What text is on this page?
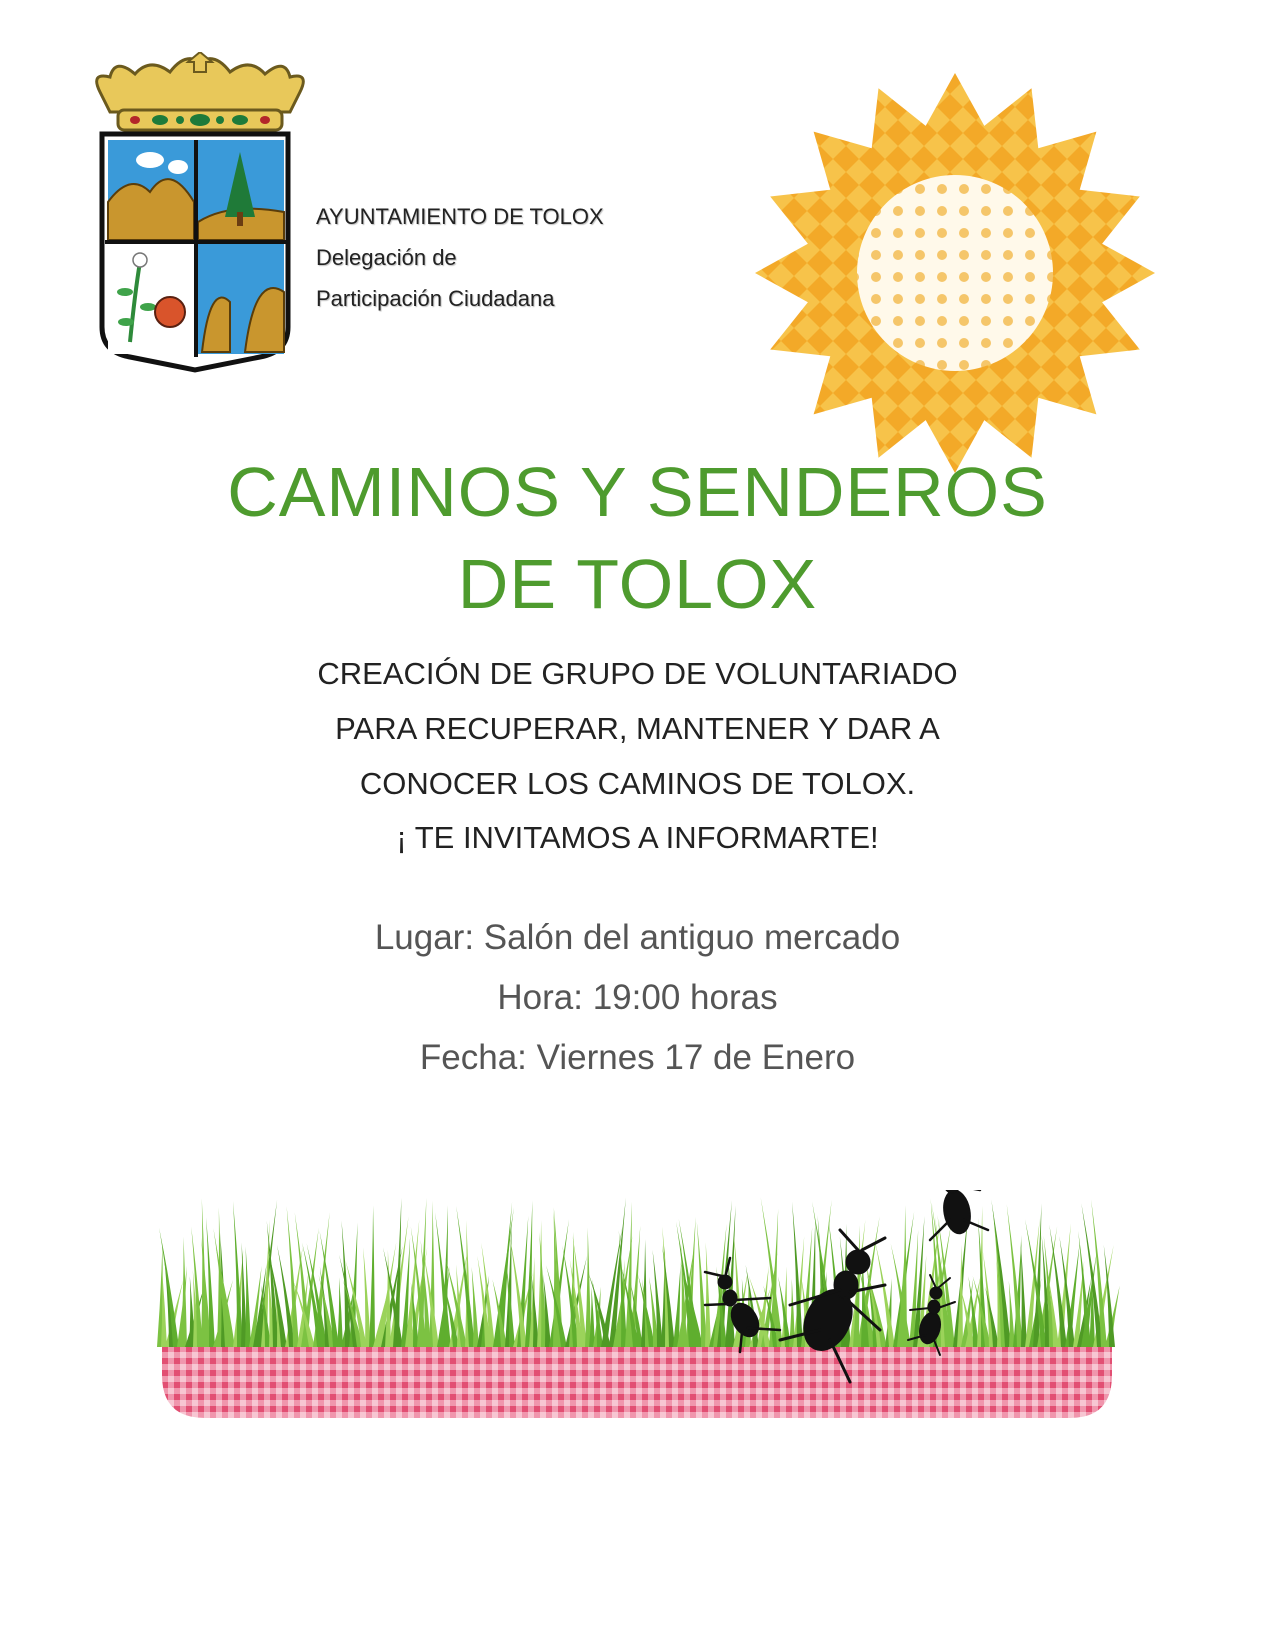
AYUNTAMIENTO DE TOLOX
Delegación de
Participación Ciudadana
CAMINOS Y SENDEROS
DE TOLOX
CREACIÓN DE GRUPO DE VOLUNTARIADO
PARA RECUPERAR, MANTENER Y DAR A
CONOCER LOS CAMINOS DE TOLOX.
¡ TE INVITAMOS A INFORMARTE!
Lugar: Salón del antiguo mercado
Hora: 19:00 horas
Fecha: Viernes 17 de Enero
